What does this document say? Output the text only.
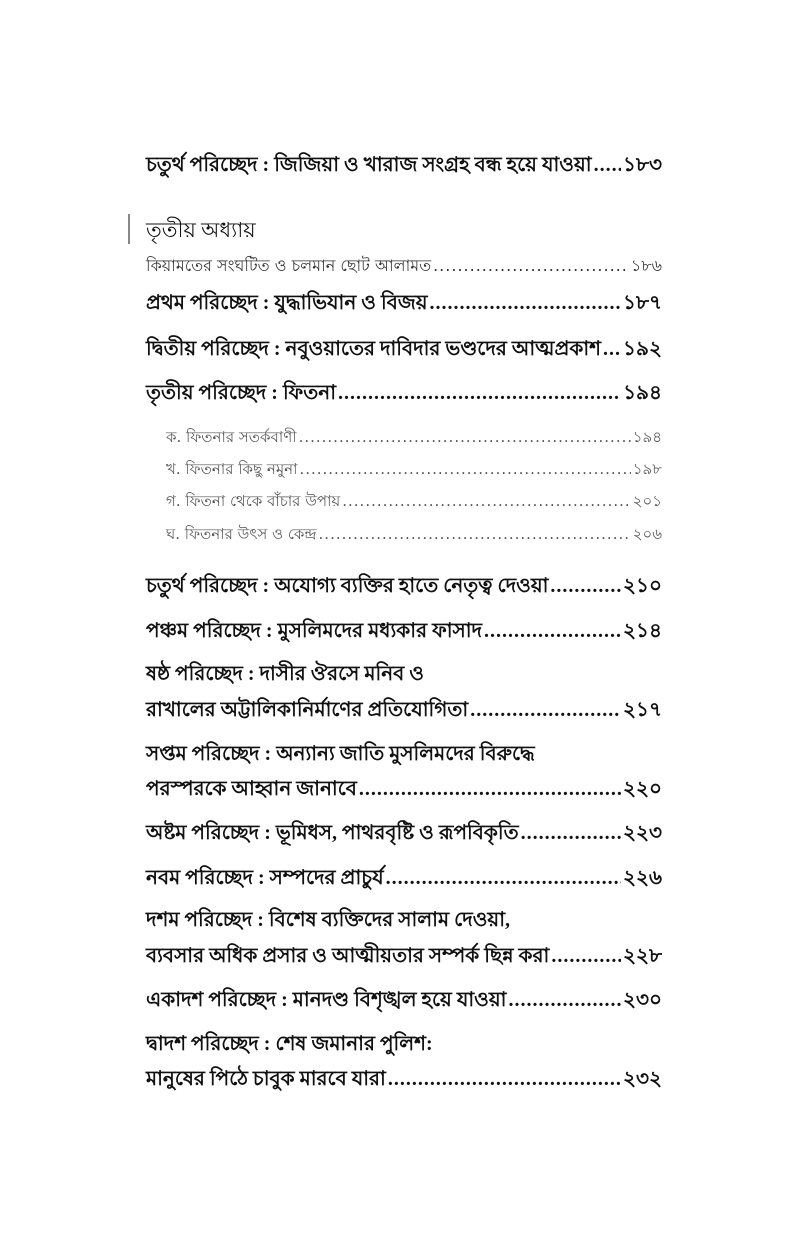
চতুর্থ পরিচ্ছেদ : জিজিয়া ও খারাজ সংগ্রহ বন্ধ হয়ে যাওয়া ..... ১৮৩
তৃতীয় অধ্যায়
কিয়ামতের সংঘটিত ও চলমান ছোট আলামত .....	১৮৬
প্রথম পরিচ্ছেদ : যুদ্ধাভিযান ও বিজয় .....	১৮৭
দ্বিতীয় পরিচ্ছেদ : নবুওয়াতের দাবিদার ভণ্ডদের আত্মপ্রকাশ ..... ১৯২
তৃতীয় পরিচ্ছেদ : ফিতনা .....	১৯৪
ক. ফিতনার সতর্কবাণী .....	১৯৪
খ. ফিতনার কিছু নমুনা .....	১৯৮
গ. ফিতনা থেকে বাঁচার উপায় .....	২০১
ঘ. ফিতনার উৎস ও কেন্দ্র .....	২০৬
চতুর্থ পরিচ্ছেদ : অযোগ্য ব্যক্তির হাতে নেতৃত্ব দেওয়া .....	২১০
পঞ্চম পরিচ্ছেদ : মুসলিমদের মধ্যকার ফাসাদ .....	২১৪
ষষ্ঠ পরিচ্ছেদ : দাসীর ঔরসে মনিব ও
রাখালের অট্টালিকানির্মাণের প্রতিযোগিতা .....	২১৭
সপ্তম পরিচ্ছেদ : অন্যান্য জাতি মুসলিমদের বিরুদ্ধে
পরস্পরকে আহ্বান জানাবে .....	২২০
অষ্টম পরিচ্ছেদ : ভূমিধস, পাথরবৃষ্টি ও রূপবিকৃতি .....	২২৩
নবম পরিচ্ছেদ : সম্পদের প্রাচুর্য .....	২২৬
দশম পরিচ্ছেদ : বিশেষ ব্যক্তিদের সালাম দেওয়া,
ব্যবসার অধিক প্রসার ও আত্মীয়তার সম্পর্ক ছিন্ন করা .....	২২৮
একাদশ পরিচ্ছেদ : মানদণ্ড বিশৃঙ্খল হয়ে যাওয়া .....	২৩০
দ্বাদশ পরিচ্ছেদ : শেষ জমানার পুলিশ:
মানুষের পিঠে চাবুক মারবে যারা .....	২৩২
